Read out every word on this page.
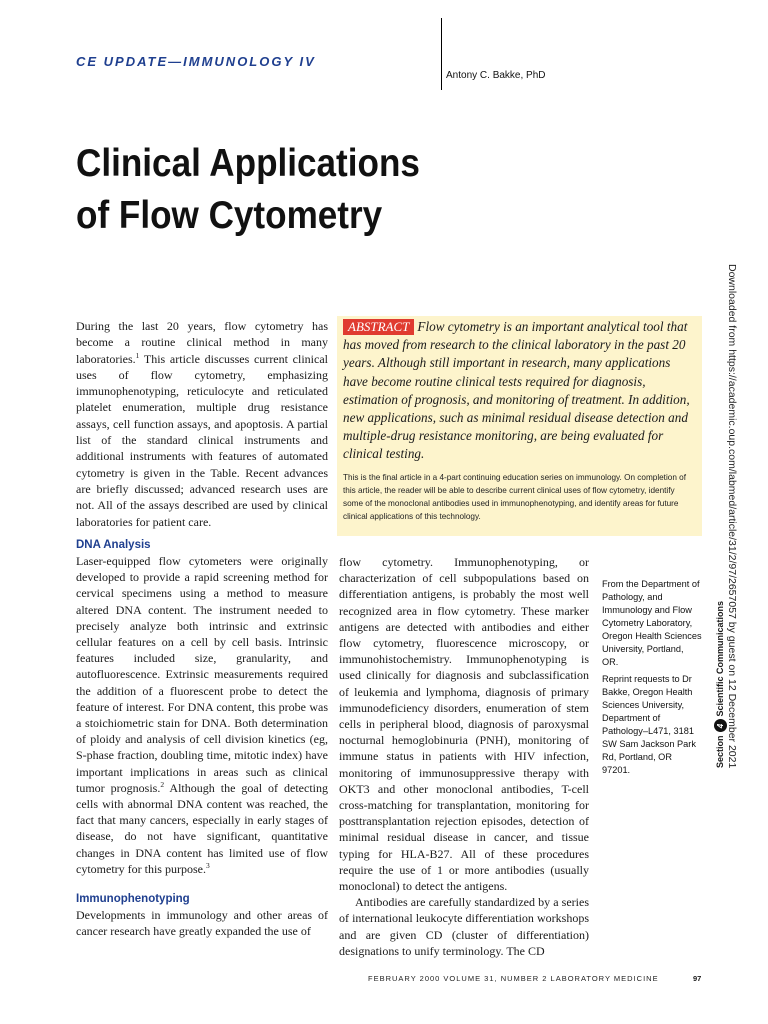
CE UPDATE—IMMUNOLOGY IV
Antony C. Bakke, PhD
Clinical Applications
of Flow Cytometry
During the last 20 years, flow cytometry has become a routine clinical method in many laboratories.$^1$ This article discusses current clinical uses of flow cytometry, emphasizing immunophenotyping, reticulocyte and reticulated platelet enumeration, multiple drug resistance assays, cell function assays, and apoptosis. A partial list of the standard clinical instruments and additional instruments with features of automated cytometry is given in the Table. Recent advances are briefly discussed; advanced research uses are not. All of the assays described are used by clinical laboratories for patient care.
ABSTRACT Flow cytometry is an important analytical tool that has moved from research to the clinical laboratory in the past 20 years. Although still important in research, many applications have become routine clinical tests required for diagnosis, estimation of prognosis, and monitoring of treatment. In addition, new applications, such as minimal residual disease detection and multiple-drug resistance monitoring, are being evaluated for clinical testing.
This is the final article in a 4-part continuing education series on immunology. On completion of this article, the reader will be able to describe current clinical uses of flow cytometry, identify some of the monoclonal antibodies used in immunophenotyping, and identify areas for future clinical applications of this technology.
DNA Analysis

Laser-equipped flow cytometers were originally developed to provide a rapid screening method for cervical specimens using a method to measure altered DNA content. The instrument needed to precisely analyze both intrinsic and extrinsic cellular features on a cell by cell basis. Intrinsic features included size, granularity, and autofluorescence. Extrinsic measurements required the addition of a fluorescent probe to detect the feature of interest. For DNA content, this probe was a stoichiometric stain for DNA. Both determination of ploidy and analysis of cell division kinetics (eg, S-phase fraction, doubling time, mitotic index) have important implications in areas such as clinical tumor prognosis.$^2$ Although the goal of detecting cells with abnormal DNA content was reached, the fact that many cancers, especially in early stages of disease, do not have significant, quantitative changes in DNA content has limited use of flow cytometry for this purpose.$^3$

Immunophenotyping

Developments in immunology and other areas of cancer research have greatly expanded the use of

flow cytometry. Immunophenotyping, or characterization of cell subpopulations based on differentiation antigens, is probably the most well recognized area in flow cytometry. These marker antigens are detected with antibodies and either flow cytometry, fluorescence microscopy, or immunohistochemistry. Immunophenotyping is used clinically for diagnosis and subclassification of leukemia and lymphoma, diagnosis of primary immunodeficiency disorders, enumeration of stem cells in peripheral blood, diagnosis of paroxysmal nocturnal hemoglobinuria (PNH), monitoring of immune status in patients with HIV infection, monitoring of immunosuppressive therapy with OKT3 and other monoclonal antibodies, T-cell cross-matching for transplantation, monitoring for posttransplantation rejection episodes, detection of minimal residual disease in cancer, and tissue typing for HLA-B27. All of these procedures require the use of 1 or more antibodies (usually monoclonal) to detect the antigens.

Antibodies are carefully standardized by a series of international leukocyte differentiation workshops and are given CD (cluster of differentiation) designations to unify terminology. The CD

From the Department of Pathology, and Immunology and Flow Cytometry Laboratory, Oregon Health Sciences University, Portland, OR.
Reprint requests to Dr Bakke, Oregon Health Sciences University, Department of Pathology–L471, 3181 SW Sam Jackson Park Rd, Portland, OR 97201.
Section
4
Scientific Communications Downloaded from https://academic.oup.com/labmed/article/31/2/97/2657057 by guest on 12 December 2021
FEBRUARY 2000 VOLUME 31, NUMBER 2 LABORATORY MEDICINE	97
